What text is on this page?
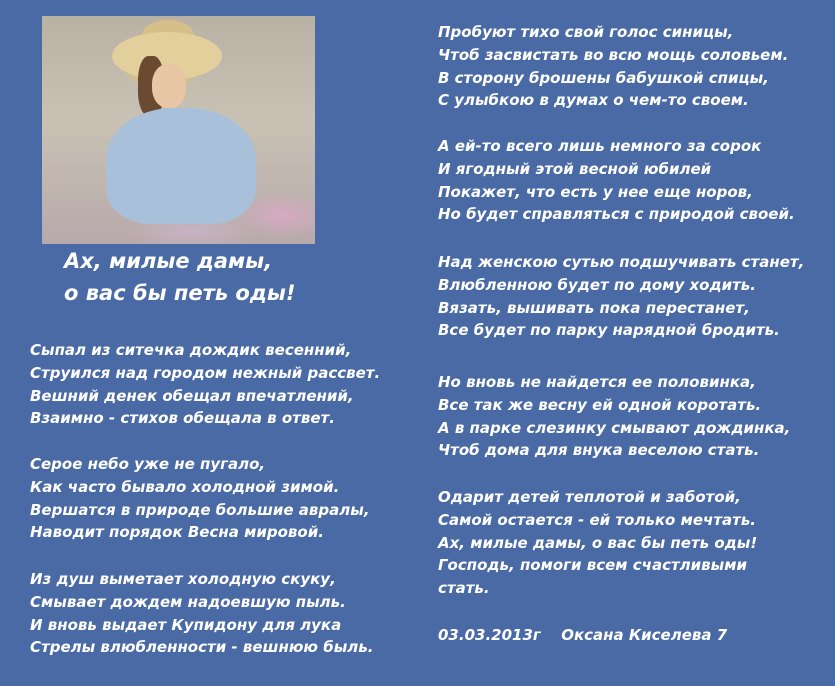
Ах, милые дамы,
о вас бы петь оды!

Сыпал из ситечка дождик весенний,
Струился над городом нежный рассвет.
Вешний денек обещал впечатлений,
Взаимно - стихов обещала в ответ.

Серое небо уже не пугало,
Как часто бывало холодной зимой.
Вершатся в природе большие авралы,
Наводит порядок Весна мировой.

Из душ выметает холодную скуку,
Смывает дождем надоевшую пыль.
И вновь выдает Купидону для лука
Стрелы влюбленности - вешнюю быль.

Пробуют тихо свой голос синицы,
Чтоб засвистать во всю мощь соловьем.
В сторону брошены бабушкой спицы,
С улыбкою в думах о чем-то своем.

А ей-то всего лишь немного за сорок
И ягодный этой весной юбилей
Покажет, что есть у нее еще норов,
Но будет справляться с природой своей.

Над женскою сутью подшучивать станет,
Влюбленною будет по дому ходить.
Вязать, вышивать пока перестанет,
Все будет по парку нарядной бродить.

Но вновь не найдется ее половинка,
Все так же весну ей одной коротать.
А в парке слезинку смывают дождинка,
Чтоб дома для внука веселою стать.

Одарит детей теплотой и заботой,
Самой остается - ей только мечтать.
Ах, милые дамы, о вас бы петь оды!
Господь, помоги всем счастливыми
стать.

03.03.2013г Оксана Киселева 7
